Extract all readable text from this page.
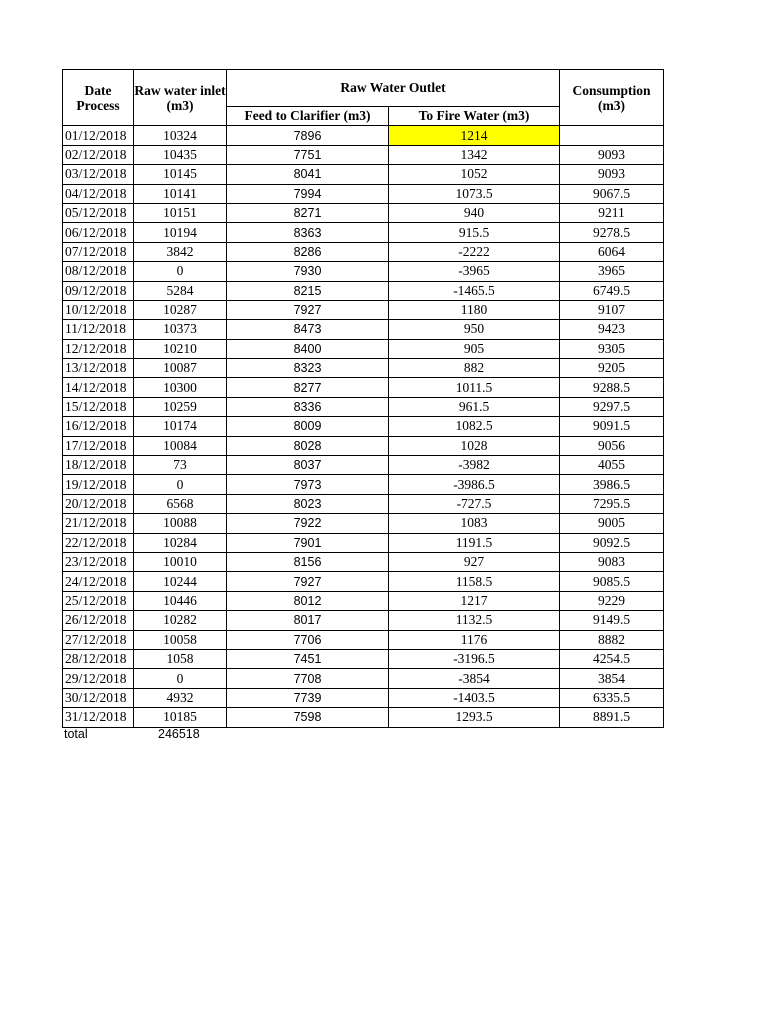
Date
Process	Raw water inlet (m3)	Raw Water Outlet		Consumption (m3)
		Feed to Clarifier (m3)	To Fire Water (m3)	
01/12/2018	10324	7896	1214	
02/12/2018	10435	7751	1342	9093
03/12/2018	10145	8041	1052	9093
04/12/2018	10141	7994	1073.5	9067.5
05/12/2018	10151	8271	940	9211
06/12/2018	10194	8363	915.5	9278.5
07/12/2018	3842	8286	-2222	6064
08/12/2018	0	7930	-3965	3965
09/12/2018	5284	8215	-1465.5	6749.5
10/12/2018	10287	7927	1180	9107
11/12/2018	10373	8473	950	9423
12/12/2018	10210	8400	905	9305
13/12/2018	10087	8323	882	9205
14/12/2018	10300	8277	1011.5	9288.5
15/12/2018	10259	8336	961.5	9297.5
16/12/2018	10174	8009	1082.5	9091.5
17/12/2018	10084	8028	1028	9056
18/12/2018	73	8037	-3982	4055
19/12/2018	0	7973	-3986.5	3986.5
20/12/2018	6568	8023	-727.5	7295.5
21/12/2018	10088	7922	1083	9005
22/12/2018	10284	7901	1191.5	9092.5
23/12/2018	10010	8156	927	9083
24/12/2018	10244	7927	1158.5	9085.5
25/12/2018	10446	8012	1217	9229
26/12/2018	10282	8017	1132.5	9149.5
27/12/2018	10058	7706	1176	8882
28/12/2018	1058	7451	-3196.5	4254.5
29/12/2018	0	7708	-3854	3854
30/12/2018	4932	7739	-1403.5	6335.5
31/12/2018	10185	7598	1293.5	8891.5
total	246518
